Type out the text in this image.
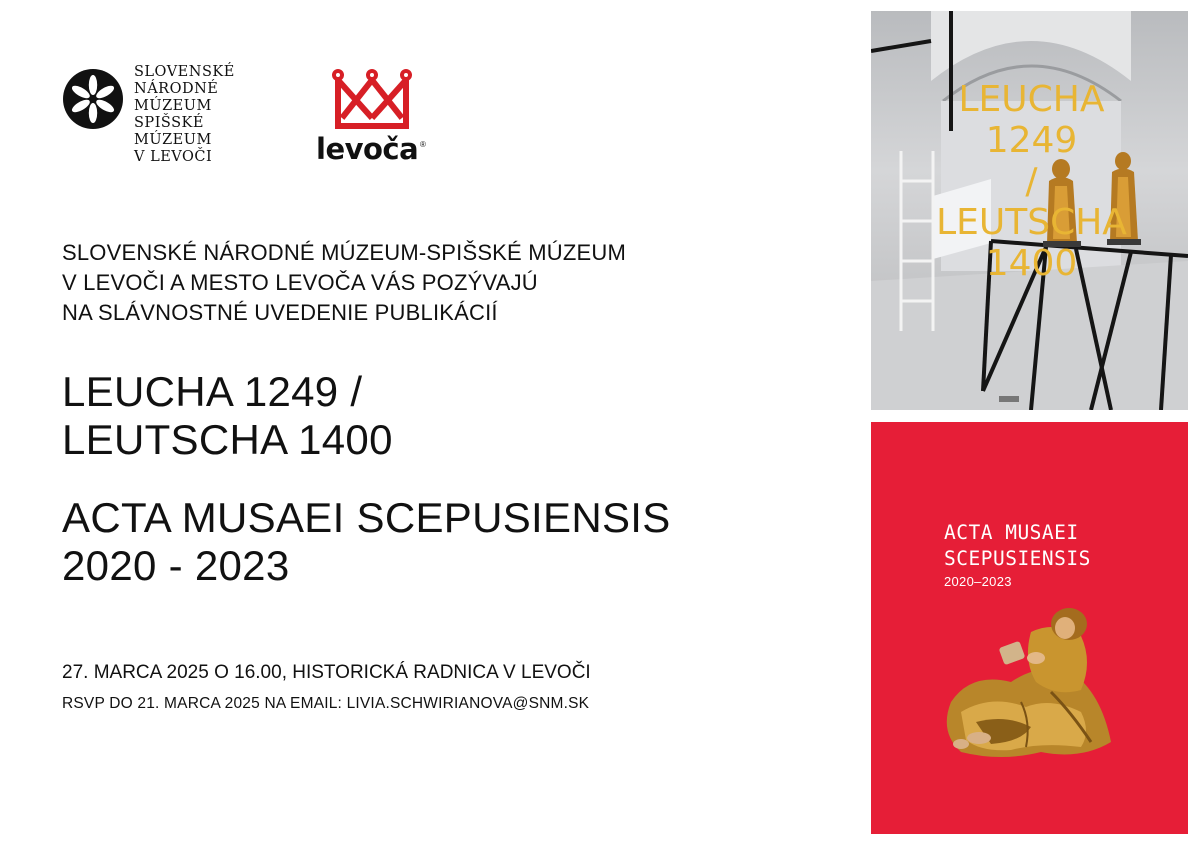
SLOVENSKÉ
NÁRODNÉ
MÚZEUM
SPIŠSKÉ
MÚZEUM
V LEVOČI	levoča ®
SLOVENSKÉ NÁRODNÉ MÚZEUM-SPIŠSKÉ MÚZEUM
V LEVOČI A MESTO LEVOČA VÁS POZÝVAJÚ
NA SLÁVNOSTNÉ UVEDENIE PUBLIKÁCIÍ
LEUCHA 1249 /
LEUTSCHA 1400
ACTA MUSAEI SCEPUSIENSIS
2020 - 2023
27. MARCA 2025 O 16.00, HISTORICKÁ RADNICA V LEVOČI
RSVP DO 21. MARCA 2025 NA EMAIL: LIVIA.SCHWIRIANOVA@SNM.SK
LEUCHA
1249
/
LEUTSCHA
1400
ACTA MUSAEI
SCEPUSIENSIS
2020–2023
